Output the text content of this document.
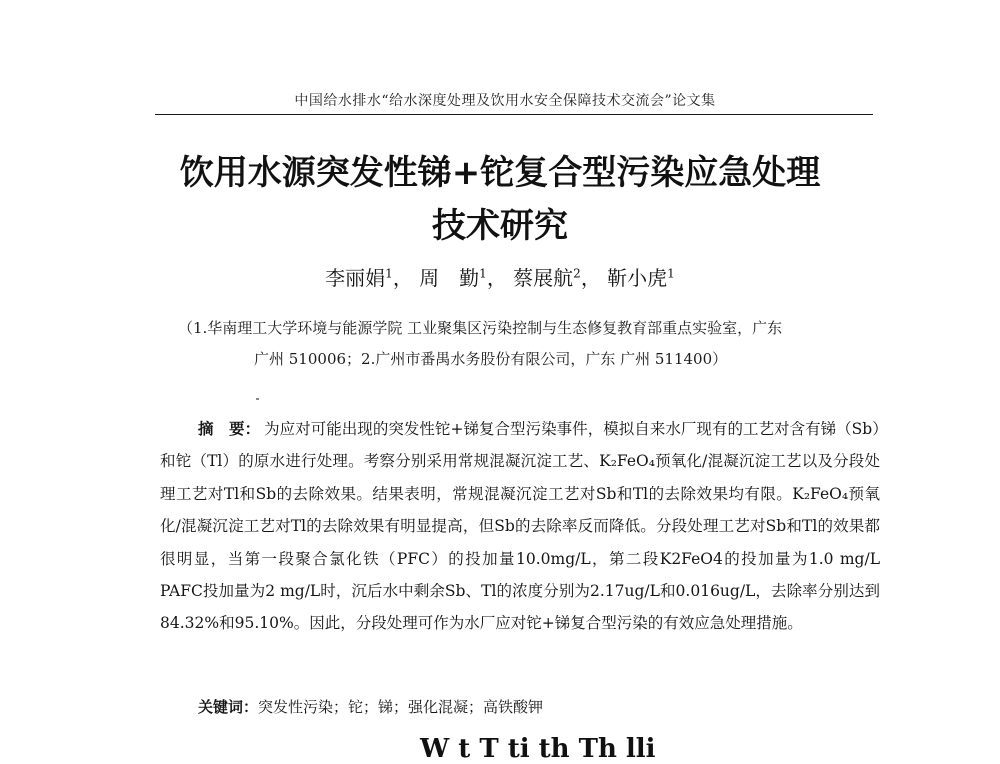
中国给水排水“给水深度处理及饮用水安全保障技术交流会”论文集
饮用水源突发性锑+铊复合型污染应急处理
技术研究
李丽娟$^1$， 周　勤$^1$， 蔡展航$^2$， 靳小虎$^1$
（1.华南理工大学环境与能源学院 工业聚集区污染控制与生态修复教育部重点实验室，广东
广州 510006；2.广州市番禺水务股份有限公司，广东 广州 511400）

摘　要： 为应对可能出现的突发性铊+锑复合型污染事件，模拟自来水厂现有的工艺对含有锑（Sb）和铊（Tl）的原水进行处理。考察分别采用常规混凝沉淀工艺、K₂FeO₄预氧化/混凝沉淀工艺以及分段处理工艺对Tl和Sb的去除效果。结果表明，常规混凝沉淀工艺对Sb和Tl的去除效果均有限。K₂FeO₄预氧化/混凝沉淀工艺对Tl的去除效果有明显提高，但Sb的去除率反而降低。分段处理工艺对Sb和Tl的效果都很明显，当第一段聚合氯化铁（PFC）的投加量10.0mg/L，第二段K2FeO4的投加量为1.0 mg/L PAFC投加量为2 mg/L时，沉后水中剩余Sb、Tl的浓度分别为2.17ug/L和0.016ug/L，去除率分别达到84.32%和95.10%。因此，分段处理可作为水厂应对铊+锑复合型污染的有效应急处理措施。

关键词：突发性污染；铊；锑；强化混凝；高铁酸钾
W t T ti th Th lli
